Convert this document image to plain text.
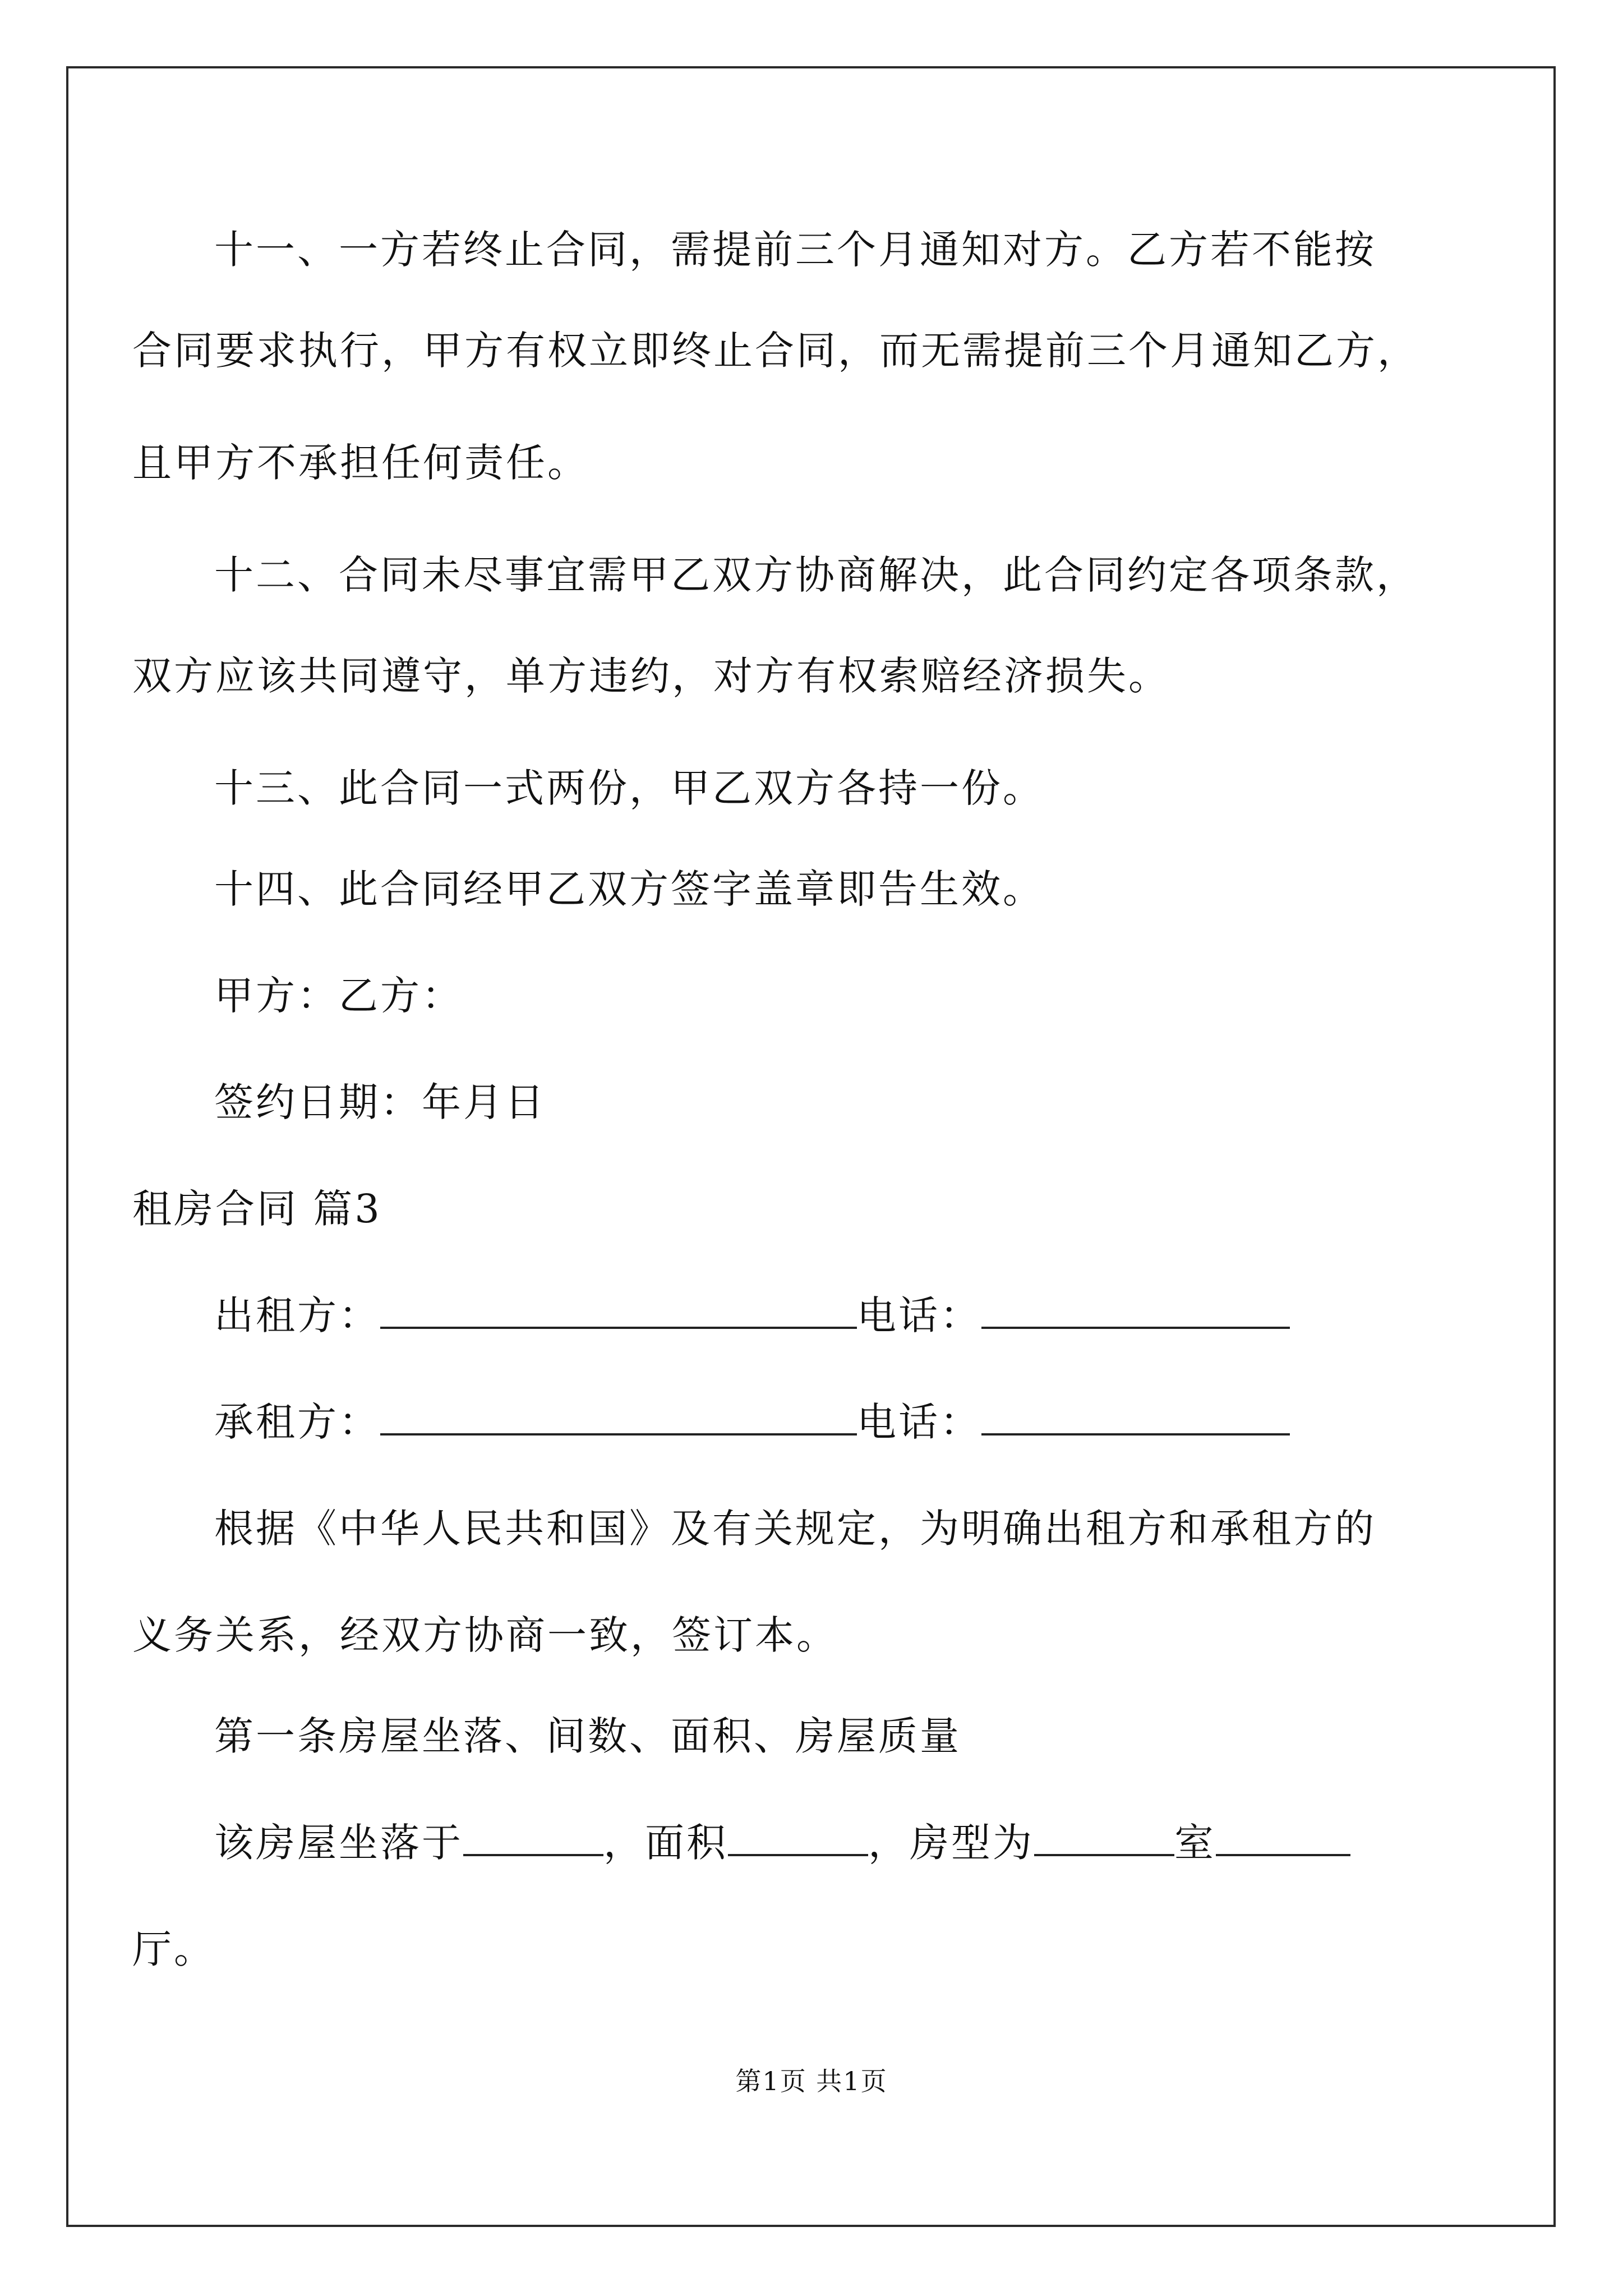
十一、一方若终止合同，需提前三个月通知对方。乙方若不能按
合同要求执行，甲方有权立即终止合同，而无需提前三个月通知乙方，
且甲方不承担任何责任。
十二、合同未尽事宜需甲乙双方协商解决，此合同约定各项条款，
双方应该共同遵守，单方违约，对方有权索赔经济损失。
十三、此合同一式两份，甲乙双方各持一份。
十四、此合同经甲乙双方签字盖章即告生效。
甲方：乙方：
签约日期：年月日
租房合同 篇3
出租方：	电话：
承租方：	电话：
根据《中华人民共和国》及有关规定，为明确出租方和承租方的
义务关系，经双方协商一致，签订本。
第一条房屋坐落、间数、面积、房屋质量
该房屋坐落于	，面积	，房型为	室
厅。
第1页 共1页
